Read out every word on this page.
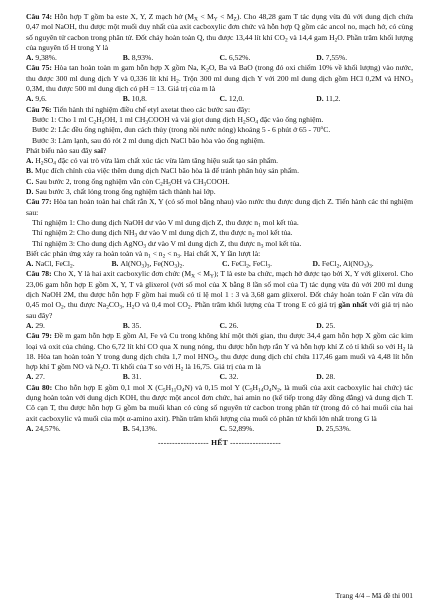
Câu 74: Hỗn hợp T gồm ba este X, Y, Z mạch hở $(M_X < M_Y < M_Z)$. Cho 48,28 gam T tác dụng vừa đủ với dung dịch chứa 0,47 mol NaOH, thu được một muối duy nhất của axit cacboxylic đơn chức và hỗn hợp Q gồm các ancol no, mạch hở, có cùng số nguyên tử cacbon trong phân tử. Đốt cháy hoàn toàn Q, thu được 13,44 lít khí $CO_2$ và 14,4 gam $H_2O$. Phần trăm khối lượng của nguyên tố H trong Y là

A. 9,38%.	B. 8,93%.	C. 6,52%.	D. 7,55%.

Câu 75: Hòa tan hoàn toàn m gam hỗn hợp X gồm Na, $K_2O$, Ba và BaO (trong đó oxi chiếm 10% về khối lượng) vào nước, thu được 300 ml dung dịch Y và 0,336 lít khí $H_2$. Trộn 300 ml dung dịch Y với 200 ml dung dịch gồm HCl 0,2M và $HNO_3$ 0,3M, thu được 500 ml dung dịch có pH = 13. Giá trị của m là

A. 9,6.	B. 10,8.	C. 12,0.	D. 11,2.

Câu 76: Tiến hành thí nghiệm điều chế etyl axetat theo các bước sau đây:

Bước 1: Cho 1 ml $C_2H_5OH$, 1 ml $CH_3COOH$ và vài giọt dung dịch $H_2SO_4$ đặc vào ống nghiệm.

Bước 2: Lắc đều ống nghiệm, đun cách thủy (trong nồi nước nóng) khoảng 5 - 6 phút ở 65 - 70$^o$C.

Bước 3: Làm lạnh, sau đó rót 2 ml dung dịch NaCl bão hòa vào ống nghiệm.

Phát biểu nào sau đây sai?

A. $H_2SO_4$ đặc có vai trò vừa làm chất xúc tác vừa làm tăng hiệu suất tạo sản phẩm.
B. Mục đích chính của việc thêm dung dịch NaCl bão hòa là để tránh phân hủy sản phẩm.
C. Sau bước 2, trong ống nghiệm vẫn còn $C_2H_5OH$ và $CH_3COOH$.
D. Sau bước 3, chất lỏng trong ống nghiệm tách thành hai lớp.

Câu 77: Hòa tan hoàn toàn hai chất rắn X, Y (có số mol bằng nhau) vào nước thu được dung dịch Z. Tiến hành các thí nghiệm sau:

Thí nghiệm 1: Cho dung dịch NaOH dư vào V ml dung dịch Z, thu được $n_1$ mol kết tủa.

Thí nghiệm 2: Cho dung dịch $NH_3$ dư vào V ml dung dịch Z, thu được $n_2$ mol kết tủa.

Thí nghiệm 3: Cho dung dịch AgNO$_3$ dư vào V ml dung dịch Z, thu được $n_3$ mol kết tủa.

Biết các phản ứng xảy ra hoàn toàn và $n_1 < n_2 < n_3$. Hai chất X, Y lần lượt là:

A. NaCl, FeCl$_2$.	B. $Al(NO_3)_3$, $Fe(NO_3)_2$.	C. FeCl$_2$, FeCl$_3$.	D. FeCl$_2$, $Al(NO_3)_3$.

Câu 78: Cho X, Y là hai axit cacboxylic đơn chức $(M_X < M_Y)$; T là este ba chức, mạch hở được tạo bởi X, Y với glixerol. Cho 23,06 gam hỗn hợp E gồm X, Y, T và glixerol (với số mol của X bằng 8 lần số mol của T) tác dụng vừa đủ với 200 ml dung dịch NaOH 2M, thu được hỗn hợp F gồm hai muối có tỉ lệ mol 1 : 3 và 3,68 gam glixerol. Đốt cháy hoàn toàn F cần vừa đủ 0,45 mol $O_2$, thu được $Na_2CO_3$, $H_2O$ và 0,4 mol $CO_2$. Phần trăm khối lượng của T trong E có giá trị gần nhất với giá trị nào sau đây?

A. 29.	B. 35.	C. 26.	D. 25.

Câu 79: Đề m gam hỗn hợp E gồm Al, Fe và Cu trong không khí một thời gian, thu được 34,4 gam hỗn hợp X gồm các kim loại và oxit của chúng. Cho 6,72 lít khí CO qua X nung nóng, thu được hỗn hợp rắn Y và hỗn hợp khí Z có tỉ khối so với $H_2$ là 18. Hòa tan hoàn toàn Y trong dung dịch chứa 1,7 mol $HNO_3$, thu được dung dịch chỉ chứa 117,46 gam muối và 4,48 lít hỗn hợp khí T gồm NO và $N_2O$. Tỉ khối của T so với $H_2$ là 16,75. Giá trị của m là

A. 27.	B. 31.	C. 32.	D. 28.

Câu 80: Cho hỗn hợp E gồm 0,1 mol X $(C_5H_{11}O_4N)$ và 0,15 mol Y ($C_5H_{14}O_4N_2$, là muối của axit cacboxylic hai chức) tác dụng hoàn toàn với dung dịch KOH, thu được một ancol đơn chức, hai amin no (kế tiếp trong dãy đồng đẳng) và dung dịch T. Cô cạn T, thu được hỗn hợp G gồm ba muối khan có cùng số nguyên tử cacbon trong phân tử (trong đó có hai muối của hai axit cacboxylic và muối của một α-amino axit). Phần trăm khối lượng của muối có phân tử khối lớn nhất trong G là

A. 24,57%.	B. 54,13%.	C. 52,89%.	D. 25,53%.
------------------ HẾT ------------------
Trang 4/4 – Mã đề thi 001
